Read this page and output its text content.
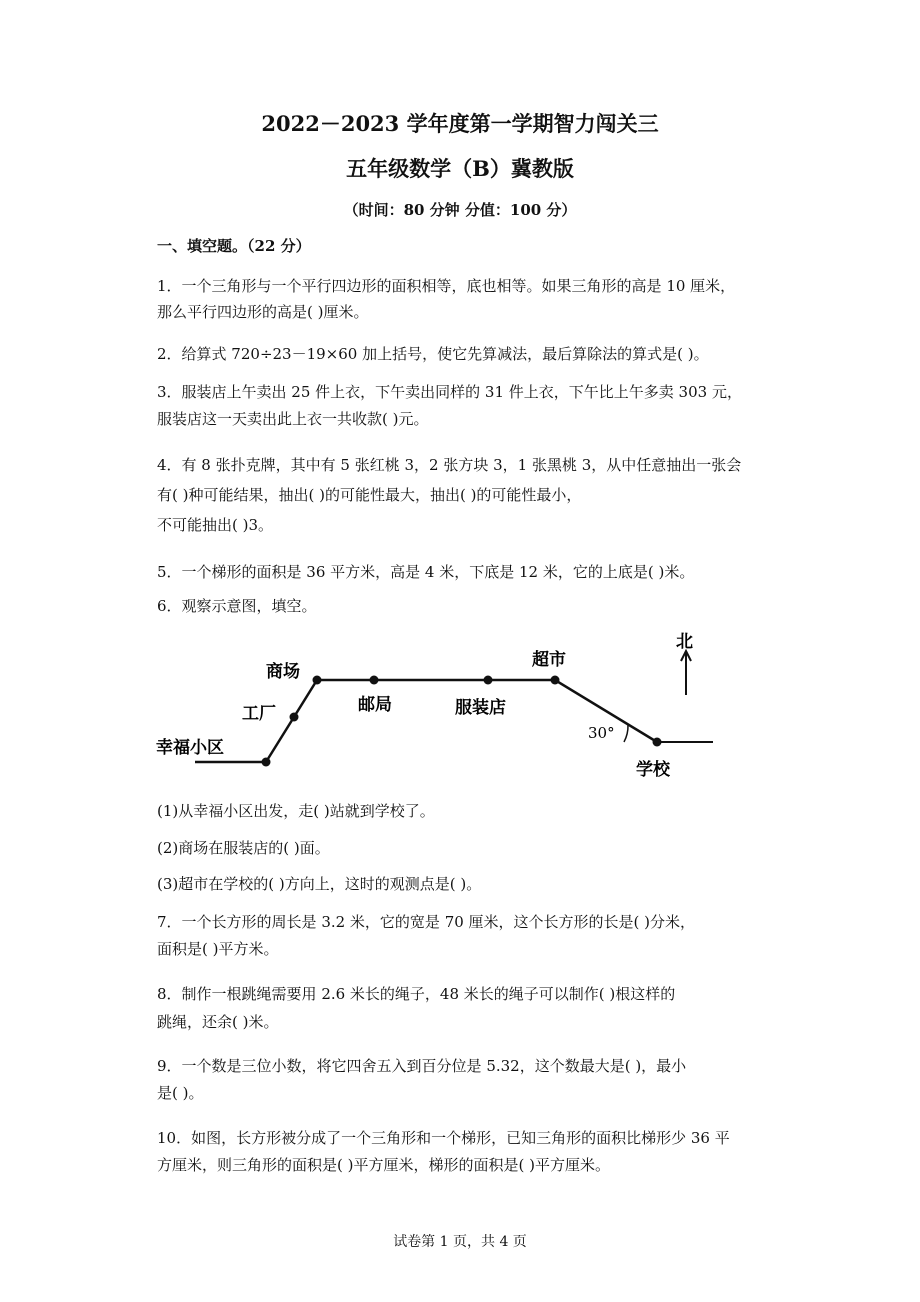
2022－2023 学年度第一学期智力闯关三
五年级数学（B）冀教版
（时间：80 分钟 分值：100 分）
一、填空题。（22 分）
1．一个三角形与一个平行四边形的面积相等，底也相等。如果三角形的高是 10 厘米，
那么平行四边形的高是( )厘米。
2．给算式 720÷23－19×60 加上括号，使它先算减法，最后算除法的算式是( )。
3．服装店上午卖出 25 件上衣，下午卖出同样的 31 件上衣，下午比上午多卖 303 元，
服装店这一天卖出此上衣一共收款( )元。
4．有 8 张扑克牌，其中有 5 张红桃 3，2 张方块 3，1 张黑桃 3，从中任意抽出一张会
有( )种可能结果，抽出( )的可能性最大，抽出( )的可能性最小，
不可能抽出( )3。
5．一个梯形的面积是 36 平方米，高是 4 米，下底是 12 米，它的上底是( )米。
6．观察示意图，填空。
幸福小区
工厂
商场
邮局	服装店
超市
学校
北
30°
(1)从幸福小区出发，走( )站就到学校了。
(2)商场在服装店的( )面。
(3)超市在学校的( )方向上，这时的观测点是( )。
7．一个长方形的周长是 3.2 米，它的宽是 70 厘米，这个长方形的长是( )分米，
面积是( )平方米。
8．制作一根跳绳需要用 2.6 米长的绳子，48 米长的绳子可以制作( )根这样的
跳绳，还余( )米。
9．一个数是三位小数，将它四舍五入到百分位是 5.32，这个数最大是( )，最小
是( )。
10．如图，长方形被分成了一个三角形和一个梯形，已知三角形的面积比梯形少 36 平
方厘米，则三角形的面积是( )平方厘米，梯形的面积是( )平方厘米。
试卷第 1 页，共 4 页
